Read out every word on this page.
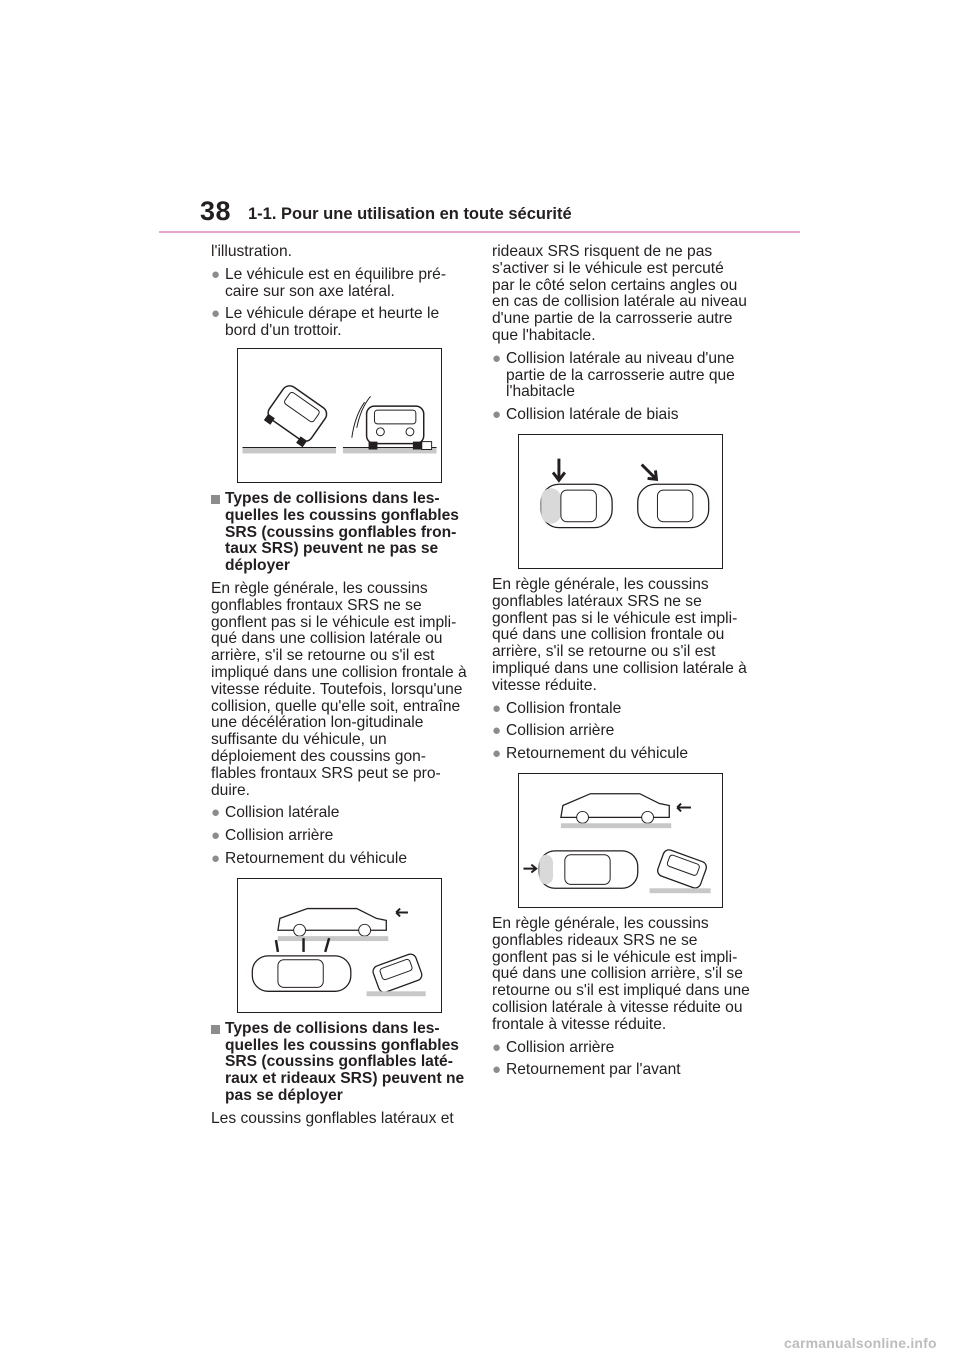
38 1-1. Pour une utilisation en toute sécurité

l'illustration.

● Le véhicule est en équilibre pré-caire sur son axe latéral.
● Le véhicule dérape et heurte le bord d'un trottoir.
Types de collisions dans les-quelles les coussins gonflables SRS (coussins gonflables fron-taux SRS) peuvent ne pas se déployer

En règle générale, les coussins gonflables frontaux SRS ne se gonflent pas si le véhicule est impli-qué dans une collision latérale ou arrière, s'il se retourne ou s'il est impliqué dans une collision frontale à vitesse réduite. Toutefois, lorsqu'une collision, quelle qu'elle soit, entraîne une décélération lon-gitudinale suffisante du véhicule, un déploiement des coussins gon-flables frontaux SRS peut se pro-duire.

● Collision latérale
● Collision arrière
● Retournement du véhicule
Types de collisions dans les-quelles les coussins gonflables SRS (coussins gonflables laté-raux et rideaux SRS) peuvent ne pas se déployer

Les coussins gonflables latéraux et

rideaux SRS risquent de ne pas s'activer si le véhicule est percuté par le côté selon certains angles ou en cas de collision latérale au niveau d'une partie de la carrosserie autre que l'habitacle.

● Collision latérale au niveau d'une partie de la carrosserie autre que l'habitacle
● Collision latérale de biais

En règle générale, les coussins gonflables latéraux SRS ne se gonflent pas si le véhicule est impli-qué dans une collision frontale ou arrière, s'il se retourne ou s'il est impliqué dans une collision latérale à vitesse réduite.

● Collision frontale
● Collision arrière
● Retournement du véhicule

En règle générale, les coussins gonflables rideaux SRS ne se gonflent pas si le véhicule est impli-qué dans une collision arrière, s'il se retourne ou s'il est impliqué dans une collision latérale à vitesse réduite ou frontale à vitesse réduite.

● Collision arrière
● Retournement par l'avant
carmanualsonline.info
